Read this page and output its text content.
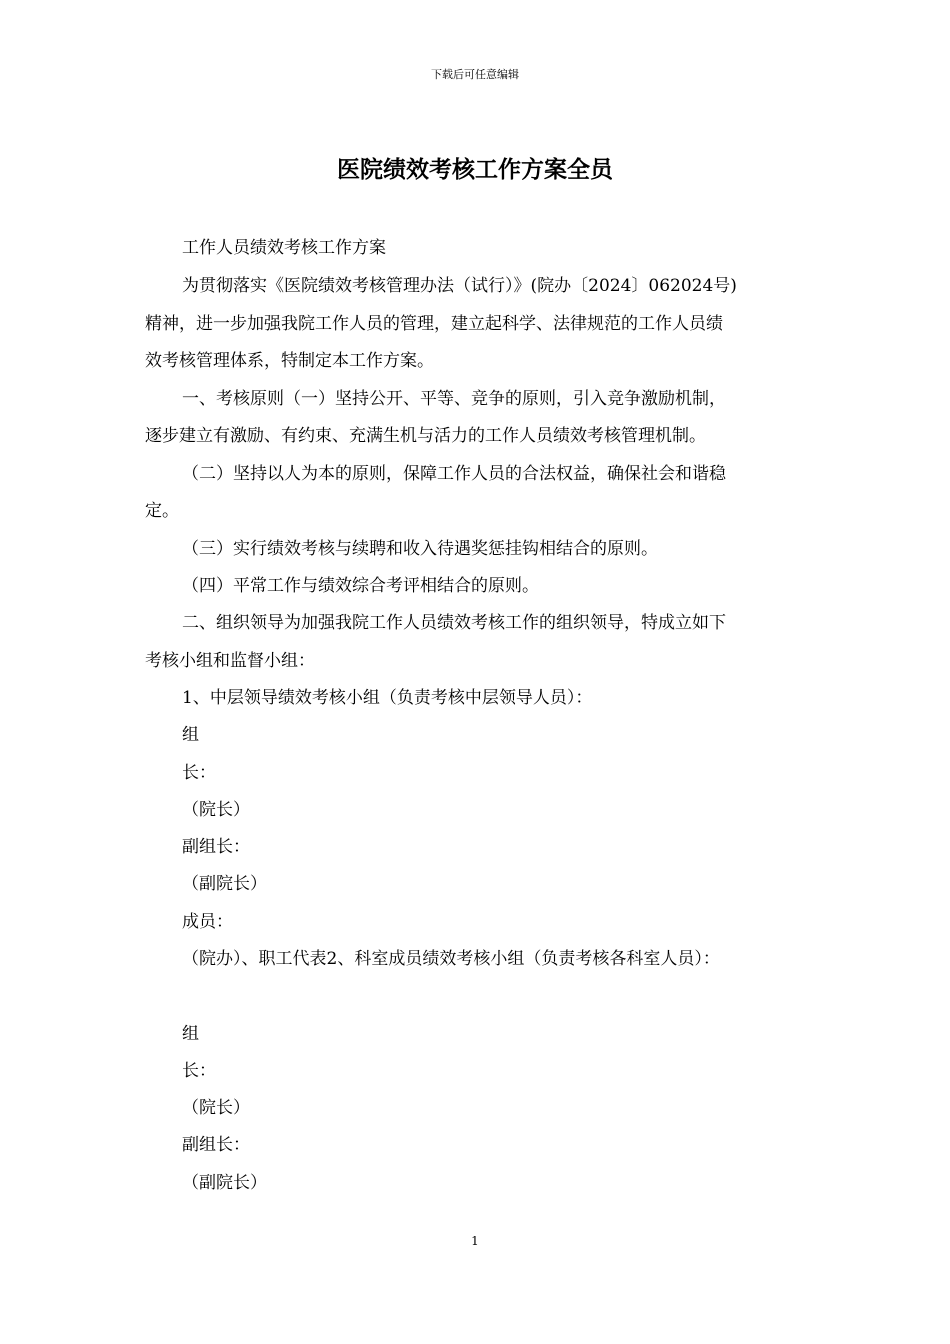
下载后可任意编辑
医院绩效考核工作方案全员
工作人员绩效考核工作方案
为贯彻落实《医院绩效考核管理办法（试行）》(院办〔2024〕062024号)
精神，进一步加强我院工作人员的管理，建立起科学、法律规范的工作人员绩
效考核管理体系，特制定本工作方案。
一、考核原则（一）坚持公开、平等、竞争的原则，引入竞争激励机制，
逐步建立有激励、有约束、充满生机与活力的工作人员绩效考核管理机制。
（二）坚持以人为本的原则，保障工作人员的合法权益，确保社会和谐稳
定。
（三）实行绩效考核与续聘和收入待遇奖惩挂钩相结合的原则。
（四）平常工作与绩效综合考评相结合的原则。
二、组织领导为加强我院工作人员绩效考核工作的组织领导，特成立如下
考核小组和监督小组：
1、中层领导绩效考核小组（负责考核中层领导人员）：
组
长：
（院长）
副组长：
（副院长）
成员：
（院办）、职工代表2、科室成员绩效考核小组（负责考核各科室人员）：
组
长：
（院长）
副组长：
（副院长）
1
